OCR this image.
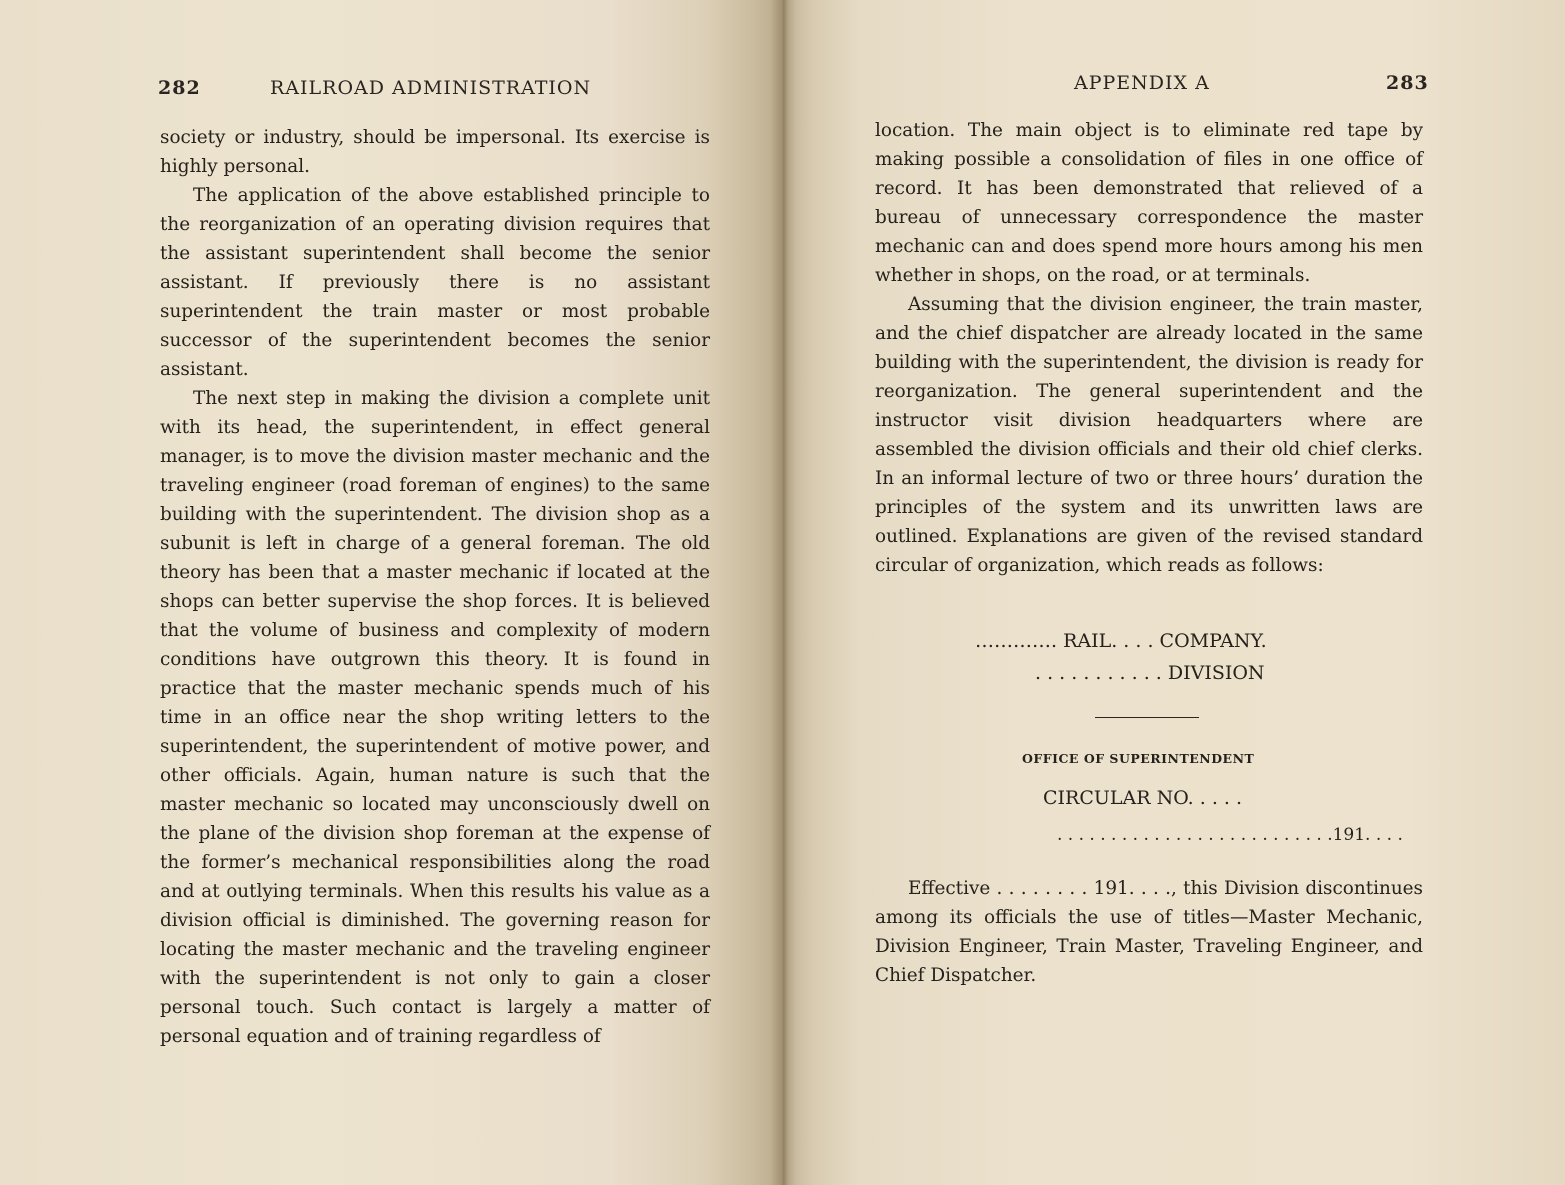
282	RAILROAD ADMINISTRATION

society or industry, should be impersonal. Its exercise is highly personal.

The application of the above established principle to the reorganization of an operating division requires that the assistant superintendent shall become the senior assistant. If previously there is no assistant superintendent the train master or most probable successor of the superintendent becomes the senior assistant.

The next step in making the division a complete unit with its head, the superintendent, in effect general manager, is to move the division master mechanic and the traveling engineer (road foreman of engines) to the same building with the superintendent. The division shop as a subunit is left in charge of a general foreman. The old theory has been that a master mechanic if located at the shops can better supervise the shop forces. It is believed that the volume of business and complexity of modern conditions have outgrown this theory. It is found in practice that the master mechanic spends much of his time in an office near the shop writing letters to the superintendent, the superintendent of motive power, and other officials. Again, human nature is such that the master mechanic so located may unconsciously dwell on the plane of the division shop foreman at the expense of the former’s mechanical responsibilities along the road and at outlying terminals. When this results his value as a division official is diminished. The governing reason for locating the master mechanic and the traveling engineer with the superintendent is not only to gain a closer personal touch. Such contact is largely a matter of personal equation and of training regardless of

APPENDIX A	283

location. The main object is to eliminate red tape by making possible a consolidation of files in one office of record. It has been demonstrated that relieved of a bureau of unnecessary correspondence the master mechanic can and does spend more hours among his men whether in shops, on the road, or at terminals.

Assuming that the division engineer, the train master, and the chief dispatcher are already located in the same building with the superintendent, the division is ready for reorganization. The general superintendent and the instructor visit division headquarters where are assembled the division officials and their old chief clerks. In an informal lecture of two or three hours’ duration the principles of the system and its unwritten laws are outlined. Explanations are given of the revised standard circular of organization, which reads as follows:

…………. RAIL. . . . COMPANY.
. . . . . . . . . . . DIVISION
OFFICE OF SUPERINTENDENT
CIRCULAR NO. . . . .
. . . . . . . . . . . . . . . . . . . . . . . . . .191. . . .

Effective . . . . . . . . 191. . . ., this Division discontinues among its officials the use of titles—Master Mechanic, Division Engineer, Train Master, Traveling Engineer, and Chief Dispatcher.
